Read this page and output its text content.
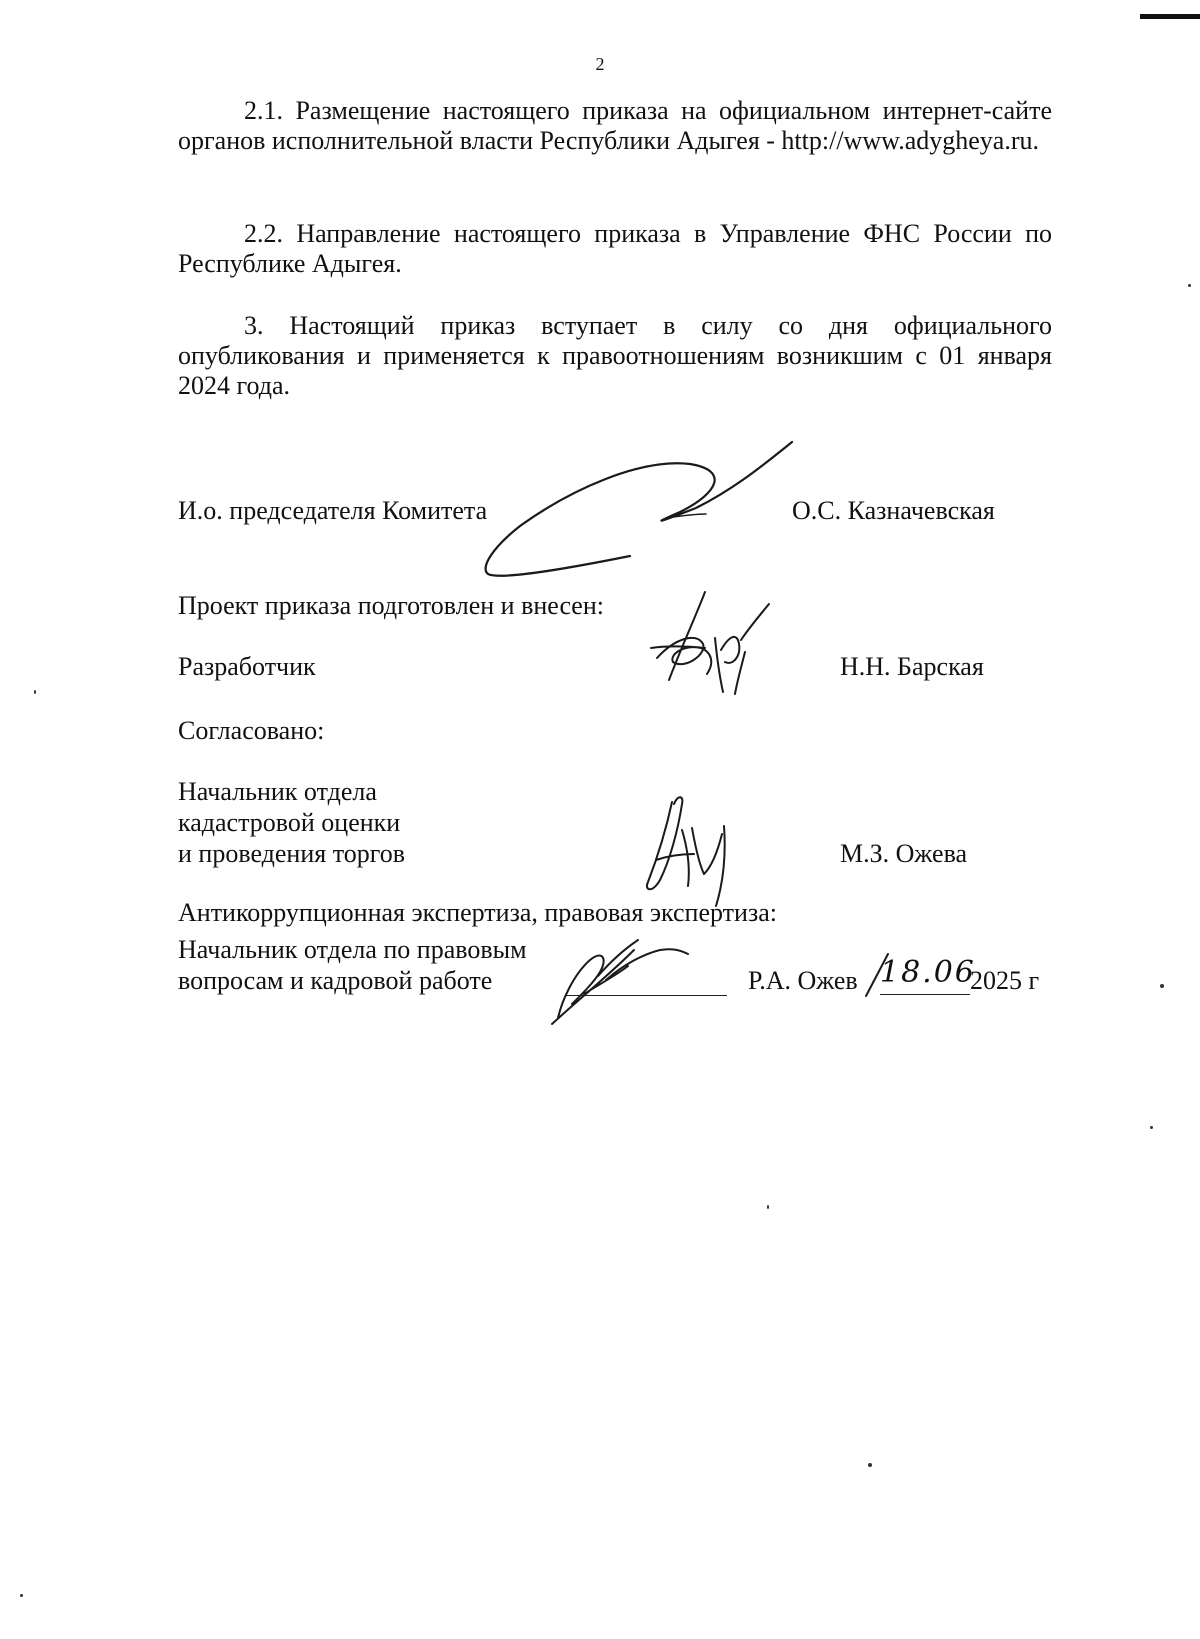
2
2.1. Размещение настоящего приказа на официальном интернет-сайте органов исполнительной власти Республики Адыгея - http://www.adygheya.ru.
2.2. Направление настоящего приказа в Управление ФНС России по Республике Адыгея.
3. Настоящий приказ вступает в силу со дня официального опубликования и применяется к правоотношениям возникшим с 01 января 2024 года.
И.о. председателя Комитета	О.С. Казначевская
Проект приказа подготовлен и внесен:
Разработчик	Н.Н. Барская
Согласовано:
Начальник отдела
кадастровой оценки
и проведения торгов	М.З. Ожева
Антикоррупционная экспертиза, правовая экспертиза:
Начальник отдела по правовым
вопросам и кадровой работе	Р.А. Ожев 18.06
2025 г
